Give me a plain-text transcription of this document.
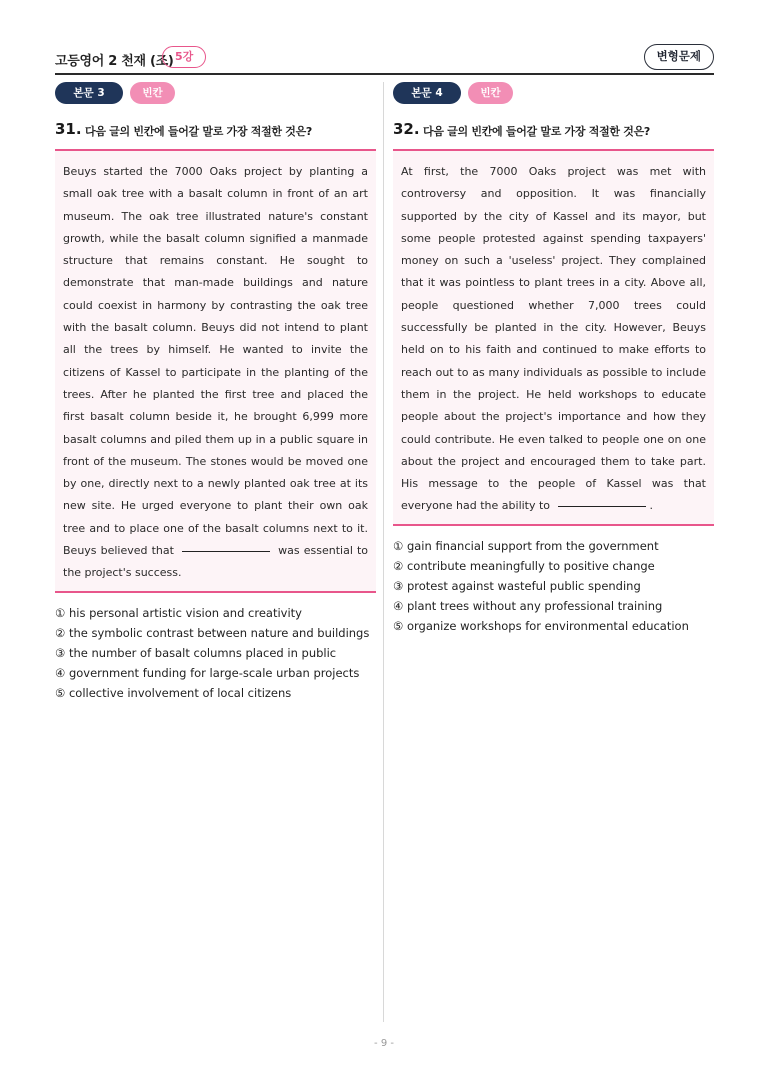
고등영어 2 천재 (조) 5강	변형문제
본문 3	빈칸
31. 다음 글의 빈칸에 들어갈 말로 가장 적절한 것은?
Beuys started the 7000 Oaks project by planting a small oak tree with a basalt column in front of an art museum. The oak tree illustrated nature's constant growth, while the basalt column signified a manmade structure that remains constant. He sought to demonstrate that man-made buildings and nature could coexist in harmony by contrasting the oak tree with the basalt column. Beuys did not intend to plant all the trees by himself. He wanted to invite the citizens of Kassel to participate in the planting of the trees. After he planted the first tree and placed the first basalt column beside it, he brought 6,999 more basalt columns and piled them up in a public square in front of the museum. The stones would be moved one by one, directly next to a newly planted oak tree at its new site. He urged everyone to plant their own oak tree and to place one of the basalt columns next to it. Beuys believed that	was essential to the project's success.
① his personal artistic vision and creativity
② the symbolic contrast between nature and buildings
③ the number of basalt columns placed in public
④ government funding for large-scale urban projects
⑤ collective involvement of local citizens
본문 4	빈칸
32. 다음 글의 빈칸에 들어갈 말로 가장 적절한 것은?
At first, the 7000 Oaks project was met with controversy and opposition. It was financially supported by the city of Kassel and its mayor, but some people protested against spending taxpayers' money on such a 'useless' project. They complained that it was pointless to plant trees in a city. Above all, people questioned whether 7,000 trees could successfully be planted in the city. However, Beuys held on to his faith and continued to make efforts to reach out to as many individuals as possible to include them in the project. He held workshops to educate people about the project's importance and how they could contribute. He even talked to people one on one about the project and encouraged them to take part. His message to the people of Kassel was that everyone had the ability to	.
① gain financial support from the government
② contribute meaningfully to positive change
③ protest against wasteful public spending
④ plant trees without any professional training
⑤ organize workshops for environmental education
- 9 -
